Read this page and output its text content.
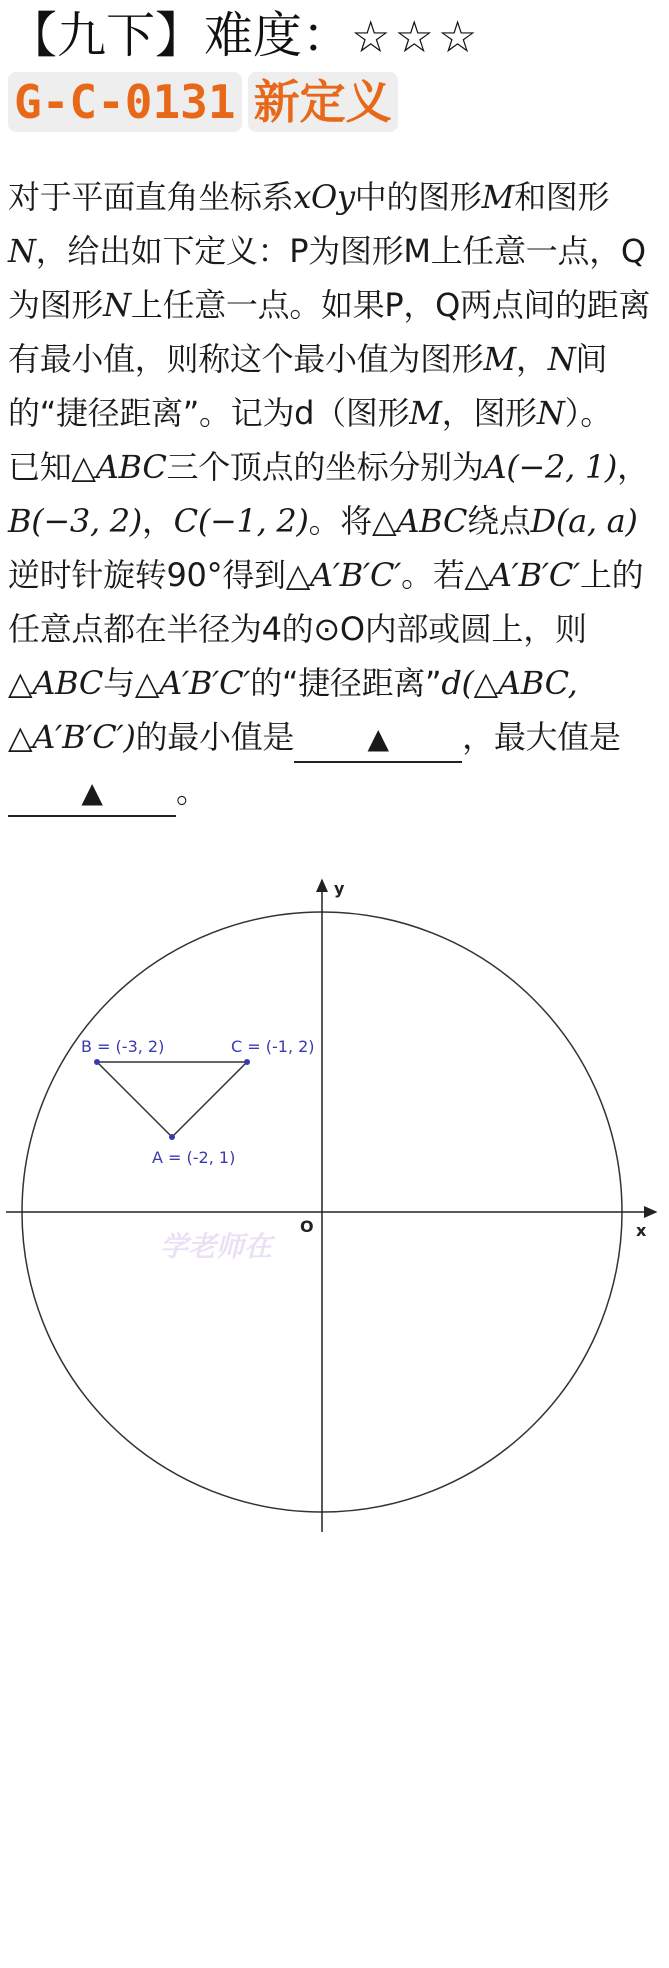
【九下】难度：☆☆☆ G-C-0131 新定义

对于平面直角坐标系xOy中的图形M和图形N，给出如下定义：P为图形M上任意一点，Q为图形N上任意一点。如果P，Q两点间的距离有最小值，则称这个最小值为图形M，N间的“捷径距离”。记为d（图形M，图形N）。

已知△ABC三个顶点的坐标分别为A(−2, 1)，B(−3, 2)，C(−1, 2)。将△ABC绕点D(a, a)逆时针旋转90°得到△A′B′C′。若△A′B′C′上的任意点都在半径为4的⊙O内部或圆上，则△ABC与△A′B′C′的“捷径距离”d(△ABC, △A′B′C′)的最小值是	▲ ，最大值是▲ 。

x
y
O
A = (-2, 1)
B = (-3, 2)	C = (-1, 2)
学老师在
